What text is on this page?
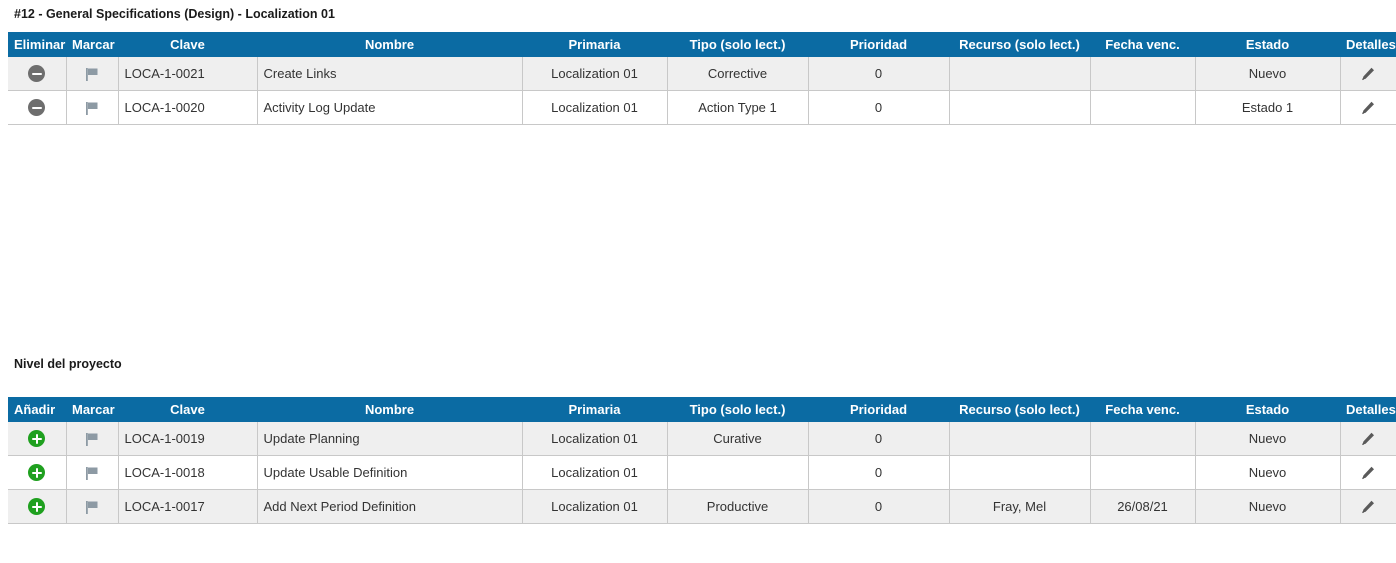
#12 - General Specifications (Design) - Localization 01
Eliminar	Marcar	Clave	Nombre	Primaria	Tipo (solo lect.)	Prioridad	Recurso (solo lect.)	Fecha venc.	Estado	Detalles
		LOCA-1-0021	Create Links	Localization 01	Corrective	0			Nuevo	
		LOCA-1-0020	Activity Log Update	Localization 01	Action Type 1	0			Estado 1	
Nivel del proyecto
Añadir	Marcar	Clave	Nombre	Primaria	Tipo (solo lect.)	Prioridad	Recurso (solo lect.)	Fecha venc.	Estado	Detalles
		LOCA-1-0019	Update Planning	Localization 01	Curative	0			Nuevo	
		LOCA-1-0018	Update Usable Definition	Localization 01		0			Nuevo	
		LOCA-1-0017	Add Next Period Definition	Localization 01	Productive	0	Fray, Mel	26/08/21	Nuevo	
